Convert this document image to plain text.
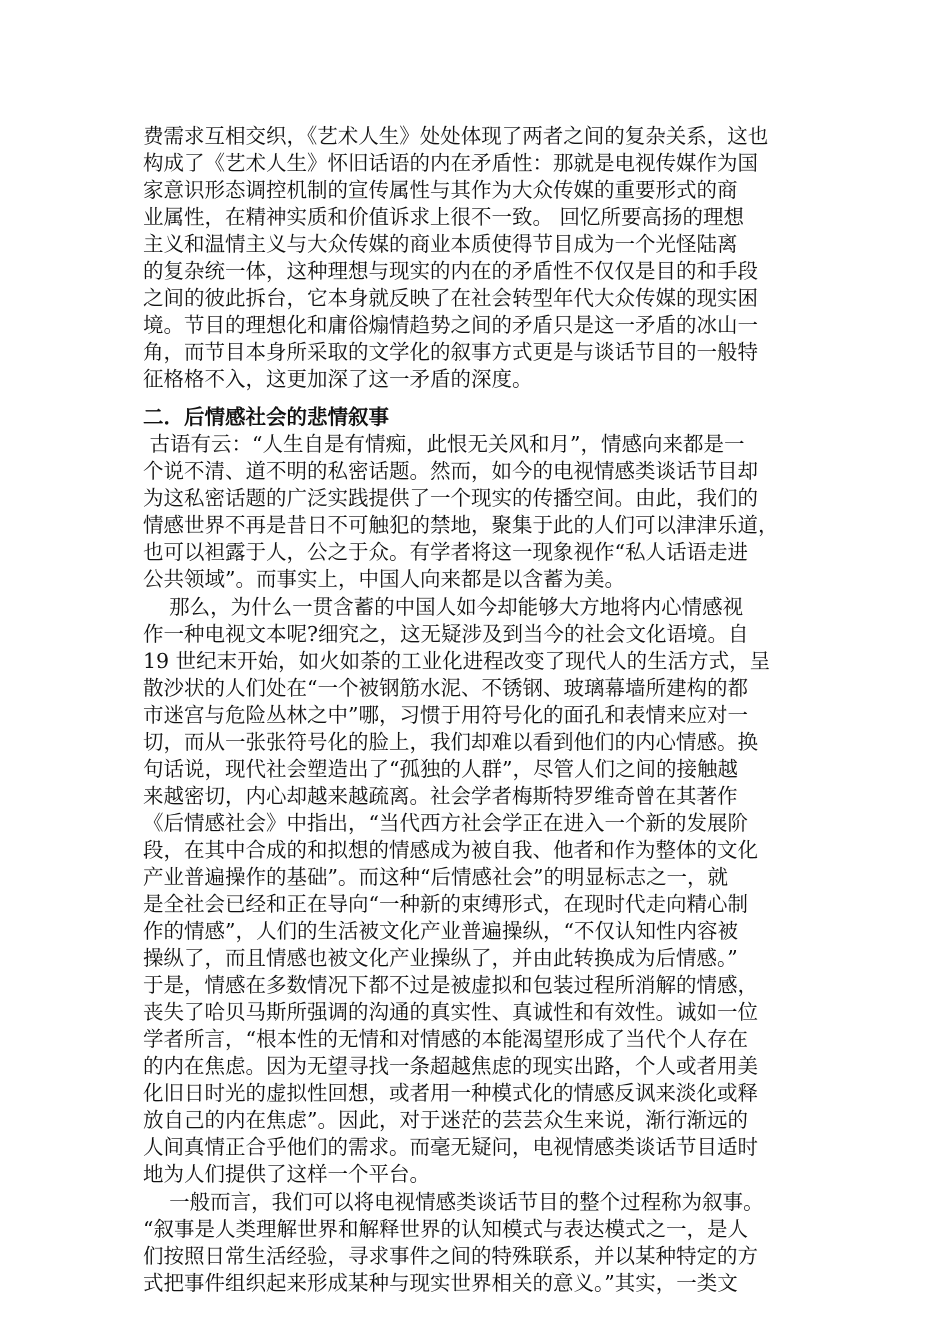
费需求互相交织，《艺术人生》处处体现了两者之间的复杂关系，这也
构成了《艺术人生》怀旧话语的内在矛盾性：那就是电视传媒作为国
家意识形态调控机制的宣传属性与其作为大众传媒的重要形式的商
业属性，在精神实质和价值诉求上很不一致。 回忆所要高扬的理想
主义和温情主义与大众传媒的商业本质使得节目成为一个光怪陆离
的复杂统一体，这种理想与现实的内在的矛盾性不仅仅是目的和手段
之间的彼此拆台，它本身就反映了在社会转型年代大众传媒的现实困
境。节目的理想化和庸俗煽情趋势之间的矛盾只是这一矛盾的冰山一
角，而节目本身所采取的文学化的叙事方式更是与谈话节目的一般特
征格格不入，这更加深了这一矛盾的深度。
二．后情感社会的悲情叙事
古语有云：“人生自是有情痴，此恨无关风和月”，情感向来都是一
个说不清、道不明的私密话题。然而，如今的电视情感类谈话节目却
为这私密话题的广泛实践提供了一个现实的传播空间。由此，我们的
情感世界不再是昔日不可触犯的禁地，聚集于此的人们可以津津乐道，
也可以袒露于人，公之于众。有学者将这一现象视作“私人话语走进
公共领域”。而事实上，中国人向来都是以含蓄为美。
那么，为什么一贯含蓄的中国人如今却能够大方地将内心情感视
作一种电视文本呢?细究之，这无疑涉及到当今的社会文化语境。自
19 世纪末开始，如火如荼的工业化进程改变了现代人的生活方式，呈
散沙状的人们处在“一个被钢筋水泥、不锈钢、玻璃幕墙所建构的都
市迷宫与危险丛林之中”哪，习惯于用符号化的面孔和表情来应对一
切，而从一张张符号化的脸上，我们却难以看到他们的内心情感。换
句话说，现代社会塑造出了“孤独的人群”，尽管人们之间的接触越
来越密切，内心却越来越疏离。社会学者梅斯特罗维奇曾在其著作
《后情感社会》中指出，“当代西方社会学正在进入一个新的发展阶
段，在其中合成的和拟想的情感成为被自我、他者和作为整体的文化
产业普遍操作的基础”。而这种“后情感社会”的明显标志之一，就
是全社会已经和正在导向“一种新的束缚形式，在现时代走向精心制
作的情感”，人们的生活被文化产业普遍操纵，“不仅认知性内容被
操纵了，而且情感也被文化产业操纵了，并由此转换成为后情感。”
于是，情感在多数情况下都不过是被虚拟和包装过程所消解的情感，
丧失了哈贝马斯所强调的沟通的真实性、真诚性和有效性。诚如一位
学者所言，“根本性的无情和对情感的本能渴望形成了当代个人存在
的内在焦虑。因为无望寻找一条超越焦虑的现实出路，个人或者用美
化旧日时光的虚拟性回想，或者用一种模式化的情感反讽来淡化或释
放自己的内在焦虑”。因此，对于迷茫的芸芸众生来说，渐行渐远的
人间真情正合乎他们的需求。而毫无疑问，电视情感类谈话节目适时
地为人们提供了这样一个平台。
一般而言，我们可以将电视情感类谈话节目的整个过程称为叙事。
“叙事是人类理解世界和解释世界的认知模式与表达模式之一，是人
们按照日常生活经验，寻求事件之间的特殊联系，并以某种特定的方
式把事件组织起来形成某种与现实世界相关的意义。”其实，一类文
